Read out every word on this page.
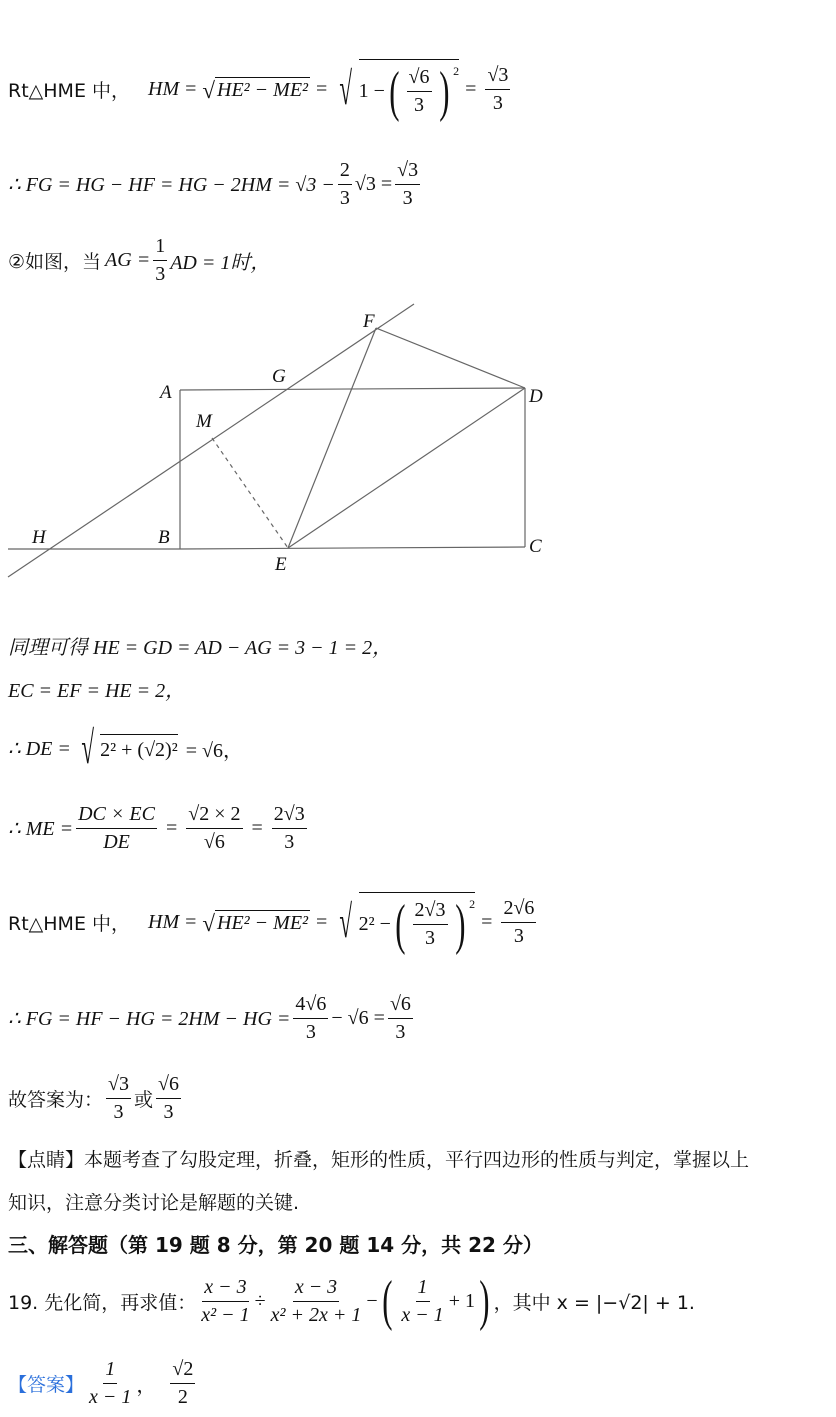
Rt△HME 中， HM = √ HE² − ME² = √ 1 − ( $\frac{√6}{3}$ ) $^2$
= $\frac{√3}{3}$
∴ FG = HG − HF = HG − $2HM = √3 - \frac{2}{3} √3 = \frac{√3}{3}$
②如图，当 AG = $\frac{1}{3}$ AD = 1时，
F
G
A	D
M
H	B	C
E
同理可得 HE = GD = AD − AG = 3 − 1 = 2，
EC = EF = HE = 2，
∴ DE = √ 2² + (√2)² = √6，
∴ ME = $\frac{DC \times EC}{DE} = \frac{√2 \times 2}{√6} = \frac{2√3}{3}$
Rt△HME 中， HM = √ HE² − ME² = √ 2² − ( $\frac{2√3}{3}$ ) $^2$
= $\frac{2√6}{3}$
∴ FG = HF − HG = 2HM − HG = $\frac{4√6}{3} - √6 = \frac{√6}{3}$
故答案为： $\frac{√3}{3}$ 或 $\frac{√6}{3}$
【点睛】本题考查了勾股定理，折叠，矩形的性质，平行四边形的性质与判定，掌握以上
知识，注意分类讨论是解题的关键.
三、解答题（第 19 题 8 分，第 20 题 14 分，共 22 分）
19. 先化简，再求值： $\frac{x - 3}{\text{x² − 1}} \div \frac{x - 3}{\text{x² + 2x + 1}}$ − ( $\frac{1}{x - 1} + 1$ ) ，其中 x = |−√2| + 1.
【答案】 $\frac{1}{x - 1}$ ， $\frac{√2}{2}$
